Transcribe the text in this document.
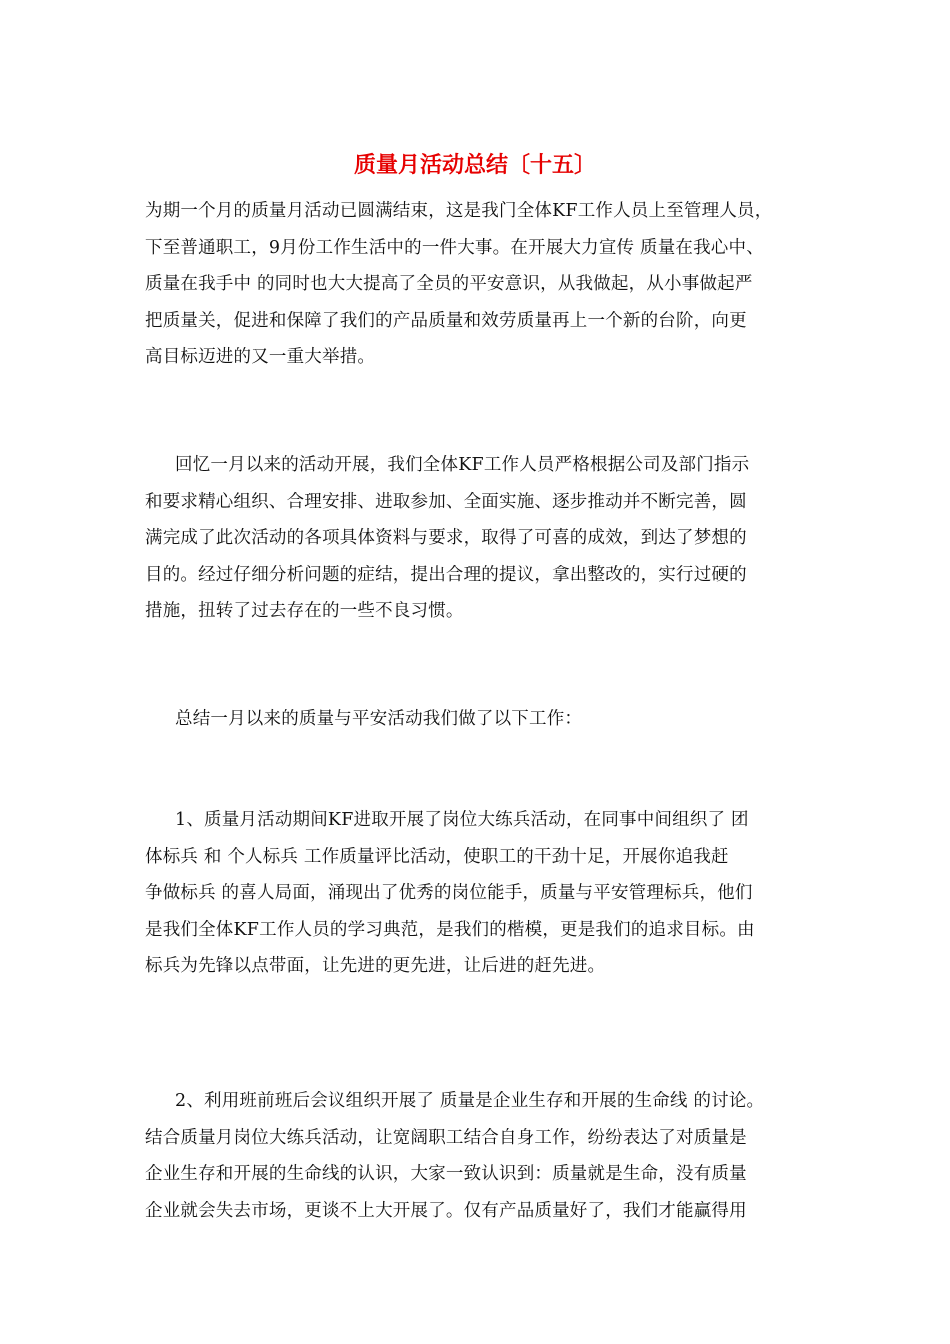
质量月活动总结〔十五〕
为期一个月的质量月活动已圆满结束，这是我门全体KF工作人员上至管理人员，
下至普通职工，9月份工作生活中的一件大事。在开展大力宣传 质量在我心中、
质量在我手中 的同时也大大提高了全员的平安意识，从我做起，从小事做起严
把质量关，促进和保障了我们的产品质量和效劳质量再上一个新的台阶，向更
高目标迈进的又一重大举措。
回忆一月以来的活动开展，我们全体KF工作人员严格根据公司及部门指示
和要求精心组织、合理安排、进取参加、全面实施、逐步推动并不断完善，圆
满完成了此次活动的各项具体资料与要求，取得了可喜的成效，到达了梦想的
目的。经过仔细分析问题的症结，提出合理的提议，拿出整改的，实行过硬的
措施，扭转了过去存在的一些不良习惯。
总结一月以来的质量与平安活动我们做了以下工作：
1、质量月活动期间KF进取开展了岗位大练兵活动，在同事中间组织了 团
体标兵 和 个人标兵 工作质量评比活动，使职工的干劲十足，开展你追我赶
争做标兵 的喜人局面，涌现出了优秀的岗位能手，质量与平安管理标兵，他们
是我们全体KF工作人员的学习典范，是我们的楷模，更是我们的追求目标。由
标兵为先锋以点带面，让先进的更先进，让后进的赶先进。
2、利用班前班后会议组织开展了 质量是企业生存和开展的生命线 的讨论。
结合质量月岗位大练兵活动，让宽阔职工结合自身工作，纷纷表达了对质量是
企业生存和开展的生命线的认识，大家一致认识到：质量就是生命，没有质量
企业就会失去市场，更谈不上大开展了。仅有产品质量好了，我们才能赢得用
